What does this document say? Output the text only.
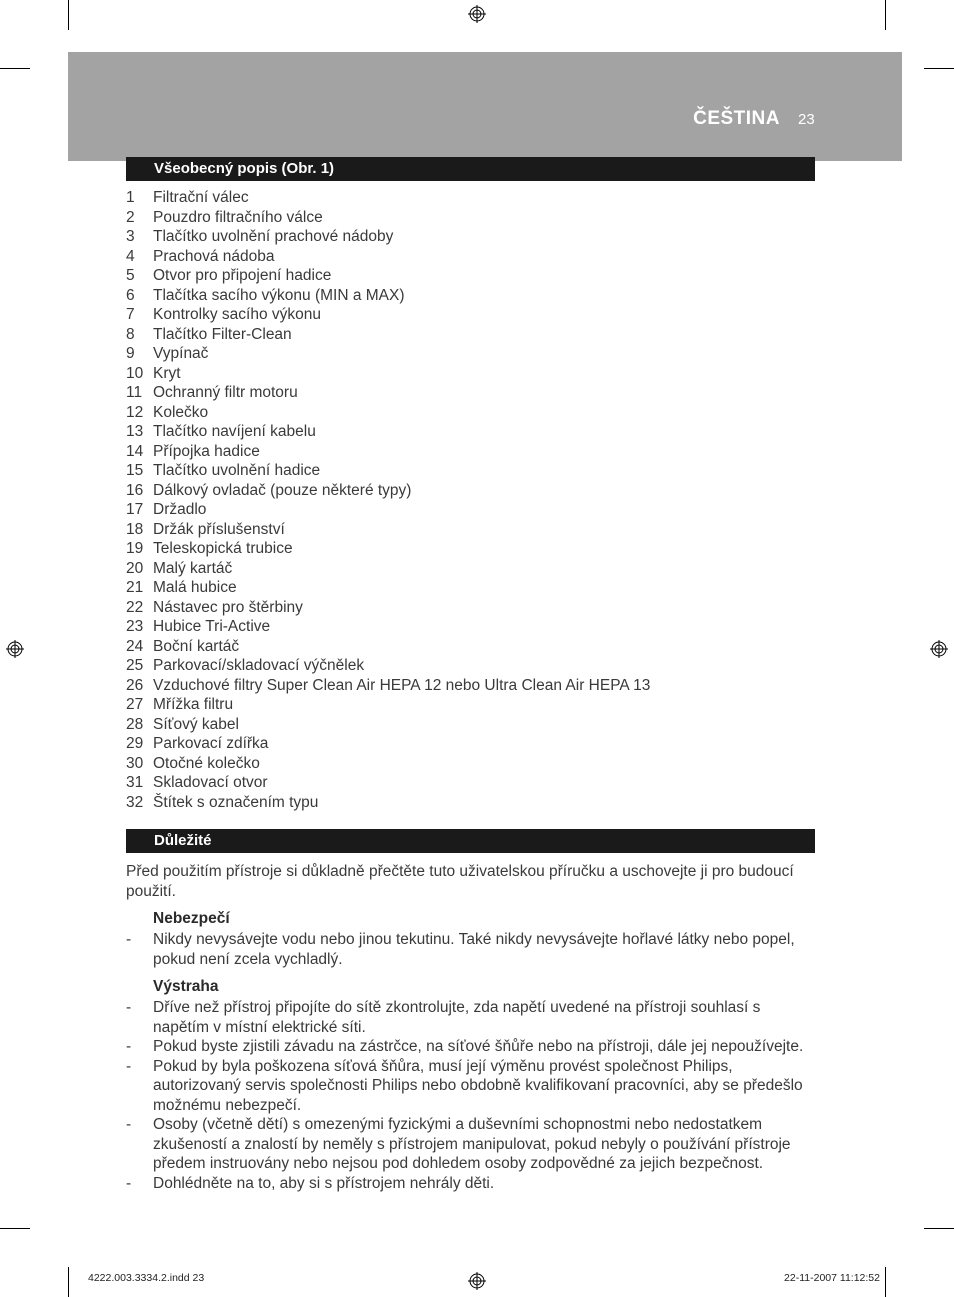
ČEŠTINA 23
Všeobecný popis (Obr. 1)
1 Filtrační válec
2 Pouzdro filtračního válce
3 Tlačítko uvolnění prachové nádoby
4 Prachová nádoba
5 Otvor pro připojení hadice
6 Tlačítka sacího výkonu (MIN a MAX)
7 Kontrolky sacího výkonu
8 Tlačítko Filter-Clean
9 Vypínač
10 Kryt
11 Ochranný filtr motoru
12 Kolečko
13 Tlačítko navíjení kabelu
14 Přípojka hadice
15 Tlačítko uvolnění hadice
16 Dálkový ovladač (pouze některé typy)
17 Držadlo
18 Držák příslušenství
19 Teleskopická trubice
20 Malý kartáč
21 Malá hubice
22 Nástavec pro štěrbiny
23 Hubice Tri-Active
24 Boční kartáč
25 Parkovací/skladovací výčnělek
26 Vzduchové filtry Super Clean Air HEPA 12 nebo Ultra Clean Air HEPA 13
27 Mřížka filtru
28 Síťový kabel
29 Parkovací zdířka
30 Otočné kolečko
31 Skladovací otvor
32 Štítek s označením typu
Důležité
Před použitím přístroje si důkladně přečtěte tuto uživatelskou příručku a uschovejte ji pro budoucí použití.
Nebezpečí
- Nikdy nevysávejte vodu nebo jinou tekutinu. Také nikdy nevysávejte hořlavé látky nebo popel, pokud není zcela vychladlý.
Výstraha
- Dříve než přístroj připojíte do sítě zkontrolujte, zda napětí uvedené na přístroji souhlasí s napětím v místní elektrické síti.
- Pokud byste zjistili závadu na zástrčce, na síťové šňůře nebo na přístroji, dále jej nepoužívejte.
- Pokud by byla poškozena síťová šňůra, musí její výměnu provést společnost Philips, autorizovaný servis společnosti Philips nebo obdobně kvalifikovaní pracovníci, aby se předešlo možnému nebezpečí.
- Osoby (včetně dětí) s omezenými fyzickými a duševními schopnostmi nebo nedostatkem zkušeností a znalostí by neměly s přístrojem manipulovat, pokud nebyly o používání přístroje předem instruovány nebo nejsou pod dohledem osoby zodpovědné za jejich bezpečnost.
- Dohlédněte na to, aby si s přístrojem nehrály děti.
4222.003.3334.2.indd 23	22-11-2007 11:12:52
